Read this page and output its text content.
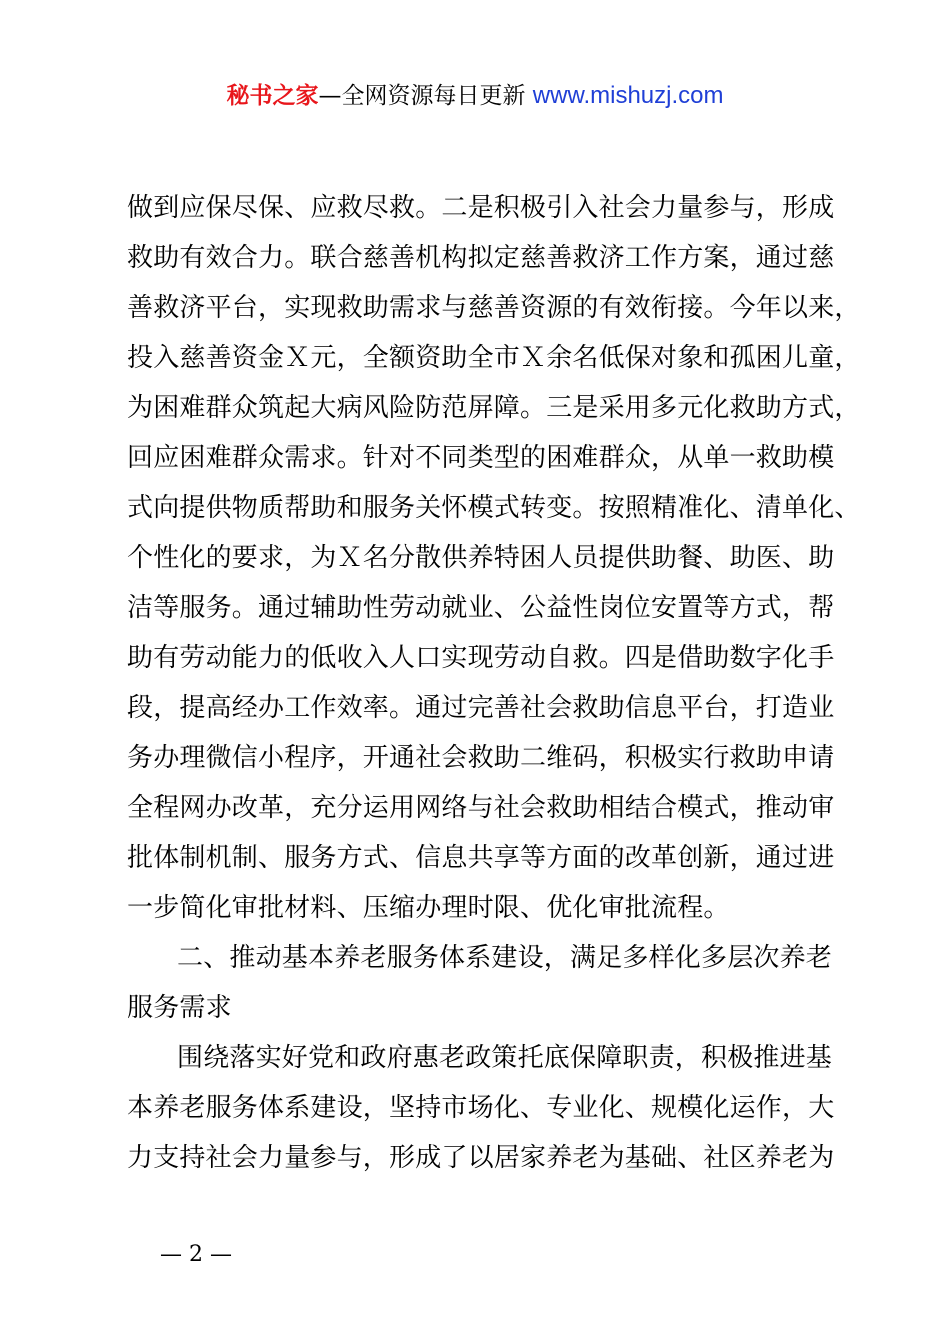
秘书之家—全网资源每日更新 www.mishuzj.com
做到应保尽保、应救尽救。二是积极引入社会力量参与，形成
救助有效合力。联合慈善机构拟定慈善救济工作方案，通过慈
善救济平台，实现救助需求与慈善资源的有效衔接。今年以来，
投入慈善资金Ｘ元，全额资助全市Ｘ余名低保对象和孤困儿童，
为困难群众筑起大病风险防范屏障。三是采用多元化救助方式，
回应困难群众需求。针对不同类型的困难群众，从单一救助模
式向提供物质帮助和服务关怀模式转变。按照精准化、清单化、
个性化的要求，为Ｘ名分散供养特困人员提供助餐、助医、助
洁等服务。通过辅助性劳动就业、公益性岗位安置等方式，帮
助有劳动能力的低收入人口实现劳动自救。四是借助数字化手
段，提高经办工作效率。通过完善社会救助信息平台，打造业
务办理微信小程序，开通社会救助二维码，积极实行救助申请
全程网办改革，充分运用网络与社会救助相结合模式，推动审
批体制机制、服务方式、信息共享等方面的改革创新，通过进
一步简化审批材料、压缩办理时限、优化审批流程。
二、推动基本养老服务体系建设，满足多样化多层次养老
服务需求
围绕落实好党和政府惠老政策托底保障职责，积极推进基
本养老服务体系建设，坚持市场化、专业化、规模化运作，大
力支持社会力量参与，形成了以居家养老为基础、社区养老为
— 2 —
